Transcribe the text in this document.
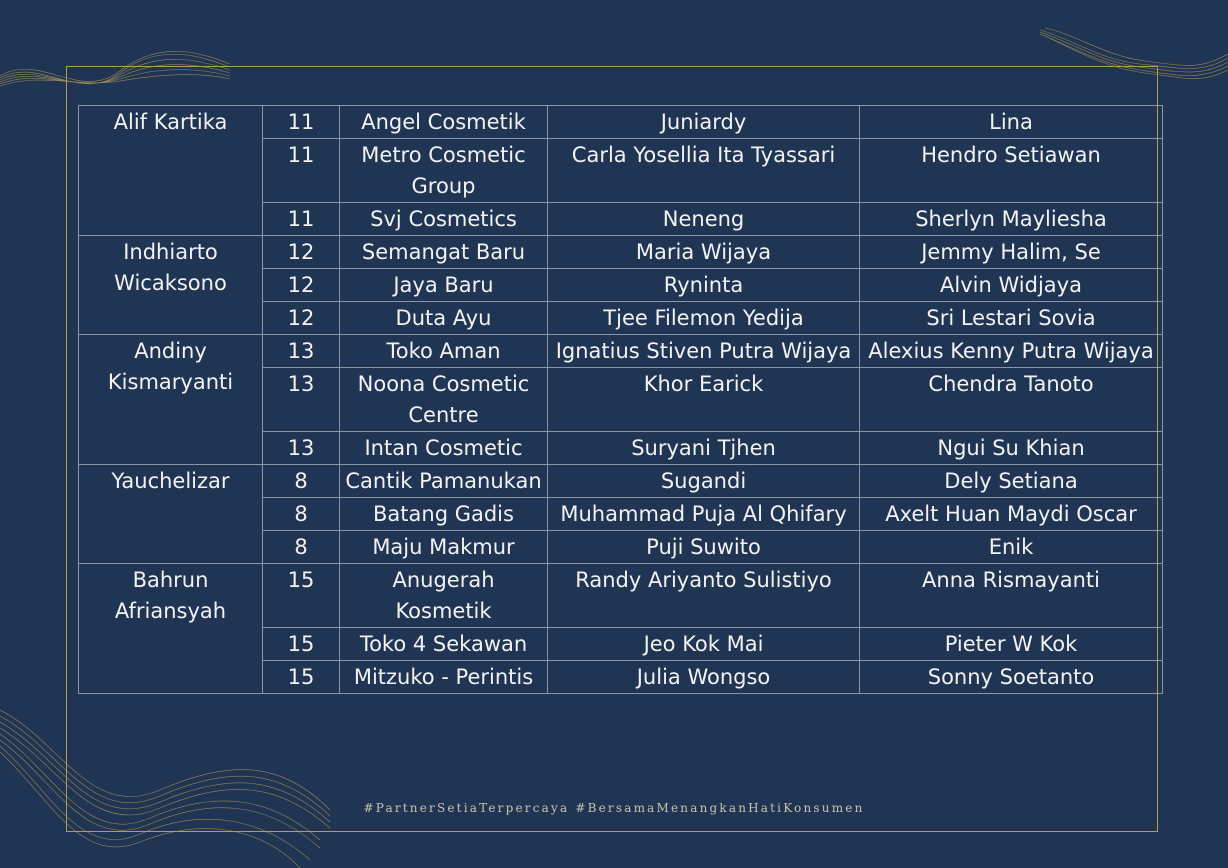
Alif Kartika	11	Angel Cosmetik	Juniardy	Lina
	11	Metro Cosmetic Group	Carla Yosellia Ita Tyassari	Hendro Setiawan
	11	Svj Cosmetics	Neneng	Sherlyn Mayliesha
Indhiarto Wicaksono	12	Semangat Baru	Maria Wijaya	Jemmy Halim, Se
	12	Jaya Baru	Ryninta	Alvin Widjaya
	12	Duta Ayu	Tjee Filemon Yedija	Sri Lestari Sovia
Andiny Kismaryanti	13	Toko Aman	Ignatius Stiven Putra Wijaya	Alexius Kenny Putra Wijaya
	13	Noona Cosmetic Centre	Khor Earick	Chendra Tanoto
	13	Intan Cosmetic	Suryani Tjhen	Ngui Su Khian
Yauchelizar	8	Cantik Pamanukan	Sugandi	Dely Setiana
	8	Batang Gadis	Muhammad Puja Al Qhifary	Axelt Huan Maydi Oscar
	8	Maju Makmur	Puji Suwito	Enik
Bahrun Afriansyah	15	Anugerah Kosmetik	Randy Ariyanto Sulistiyo	Anna Rismayanti
	15	Toko 4 Sekawan	Jeo Kok Mai	Pieter W Kok
	15	Mitzuko - Perintis	Julia Wongso	Sonny Soetanto
#PartnerSetiaTerpercaya #BersamaMenangkanHatiKonsumen
